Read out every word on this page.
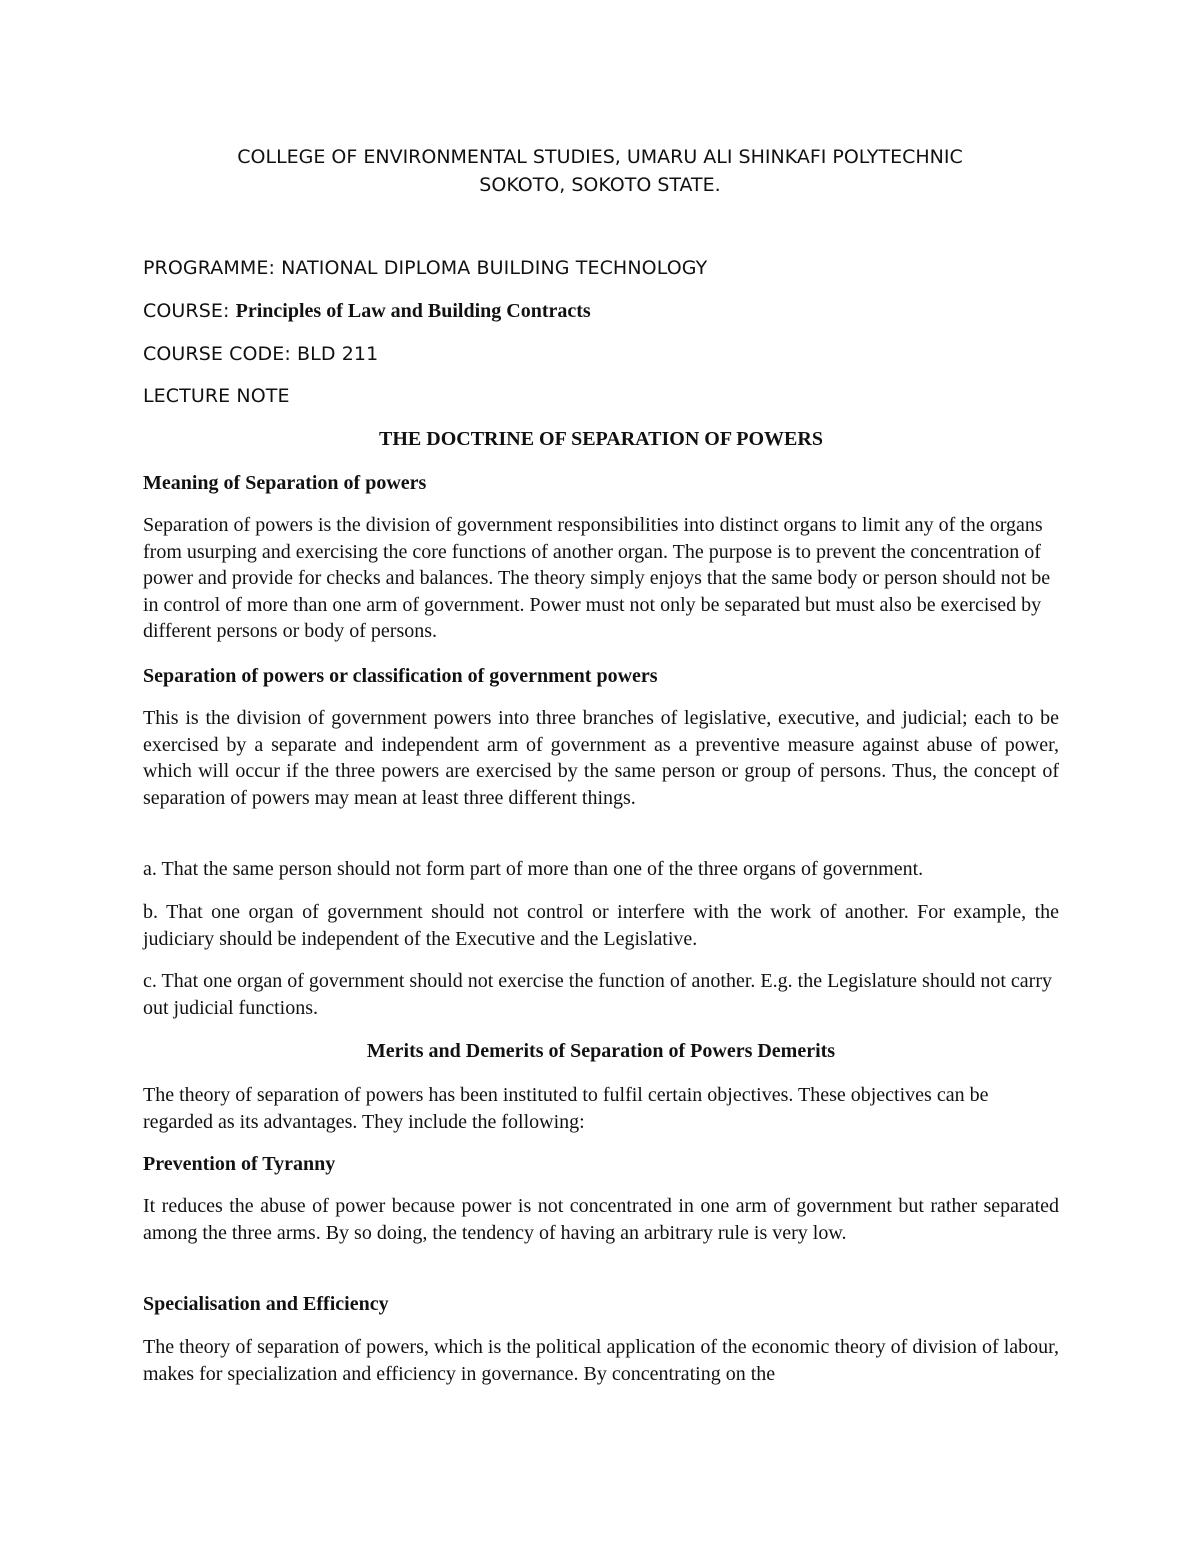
COLLEGE OF ENVIRONMENTAL STUDIES, UMARU ALI SHINKAFI POLYTECHNIC
SOKOTO, SOKOTO STATE.
PROGRAMME: NATIONAL DIPLOMA BUILDING TECHNOLOGY
COURSE: Principles of Law and Building Contracts
COURSE CODE: BLD 211
LECTURE NOTE
THE DOCTRINE OF SEPARATION OF POWERS
Meaning of Separation of powers

Separation of powers is the division of government responsibilities into distinct organs to limit any of the organs from usurping and exercising the core functions of another organ. The purpose is to prevent the concentration of power and provide for checks and balances. The theory simply enjoys that the same body or person should not be in control of more than one arm of government. Power must not only be separated but must also be exercised by different persons or body of persons.

Separation of powers or classification of government powers

This is the division of government powers into three branches of legislative, executive, and judicial; each to be exercised by a separate and independent arm of government as a preventive measure against abuse of power, which will occur if the three powers are exercised by the same person or group of persons. Thus, the concept of separation of powers may mean at least three different things.

a. That the same person should not form part of more than one of the three organs of government.

b. That one organ of government should not control or interfere with the work of another. For example, the judiciary should be independent of the Executive and the Legislative.

c. That one organ of government should not exercise the function of another. E.g. the Legislature should not carry out judicial functions.

Merits and Demerits of Separation of Powers Demerits

The theory of separation of powers has been instituted to fulfil certain objectives. These objectives can be regarded as its advantages. They include the following:

Prevention of Tyranny

It reduces the abuse of power because power is not concentrated in one arm of government but rather separated among the three arms. By so doing, the tendency of having an arbitrary rule is very low.

Specialisation and Efficiency

The theory of separation of powers, which is the political application of the economic theory of division of labour, makes for specialization and efficiency in governance. By concentrating on the
